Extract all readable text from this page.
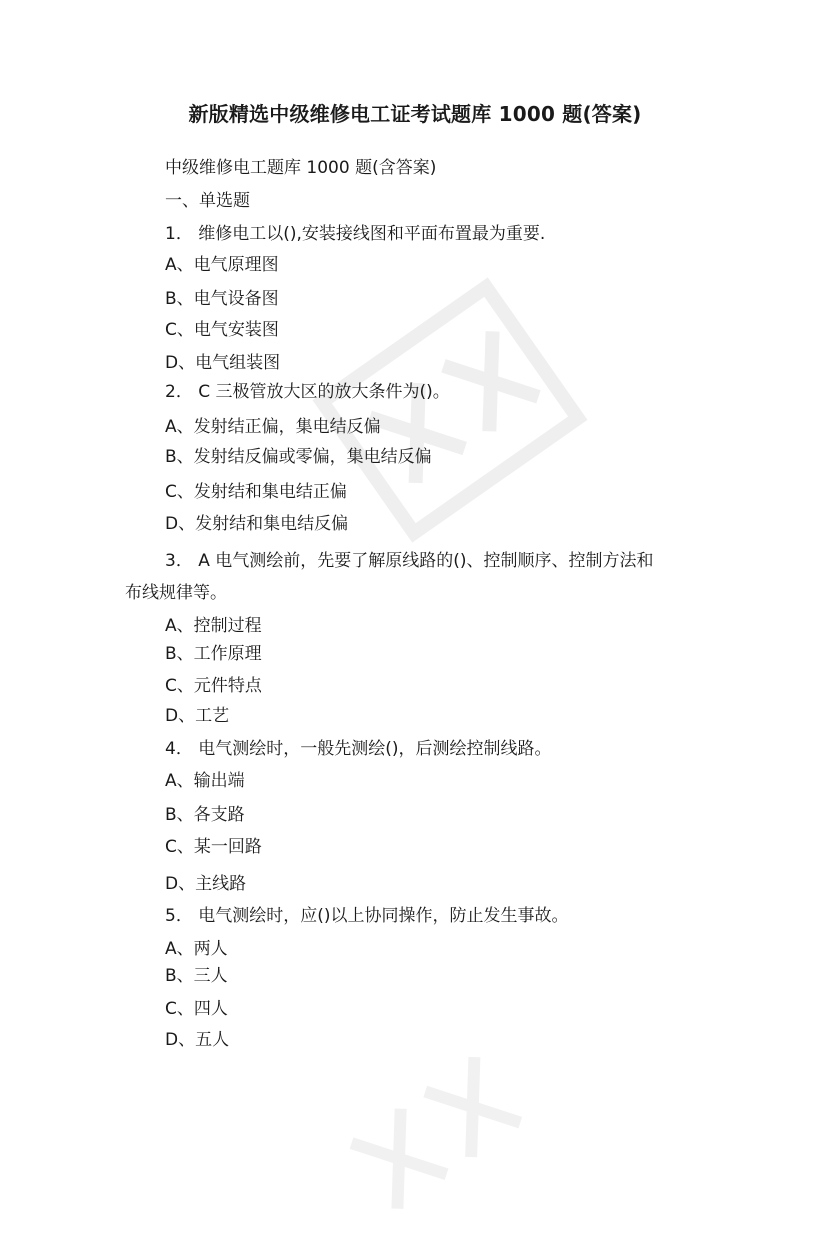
新版精选中级维修电工证考试题库 1000 题(答案)
中级维修电工题库 1000 题(含答案)
一、单选题
1． 维修电工以(),安装接线图和平面布置最为重要.
A、电气原理图
B、电气设备图
C、电气安装图
D、电气组装图
2． C 三极管放大区的放大条件为()。
A、发射结正偏，集电结反偏
B、发射结反偏或零偏，集电结反偏
C、发射结和集电结正偏
D、发射结和集电结反偏
3． A 电气测绘前，先要了解原线路的()、控制顺序、控制方法和
布线规律等。
A、控制过程
B、工作原理
C、元件特点
D、工艺
4． 电气测绘时，一般先测绘()，后测绘控制线路。
A、输出端
B、各支路
C、某一回路
D、主线路
5． 电气测绘时，应()以上协同操作，防止发生事故。
A、两人
B、三人
C、四人
D、五人
